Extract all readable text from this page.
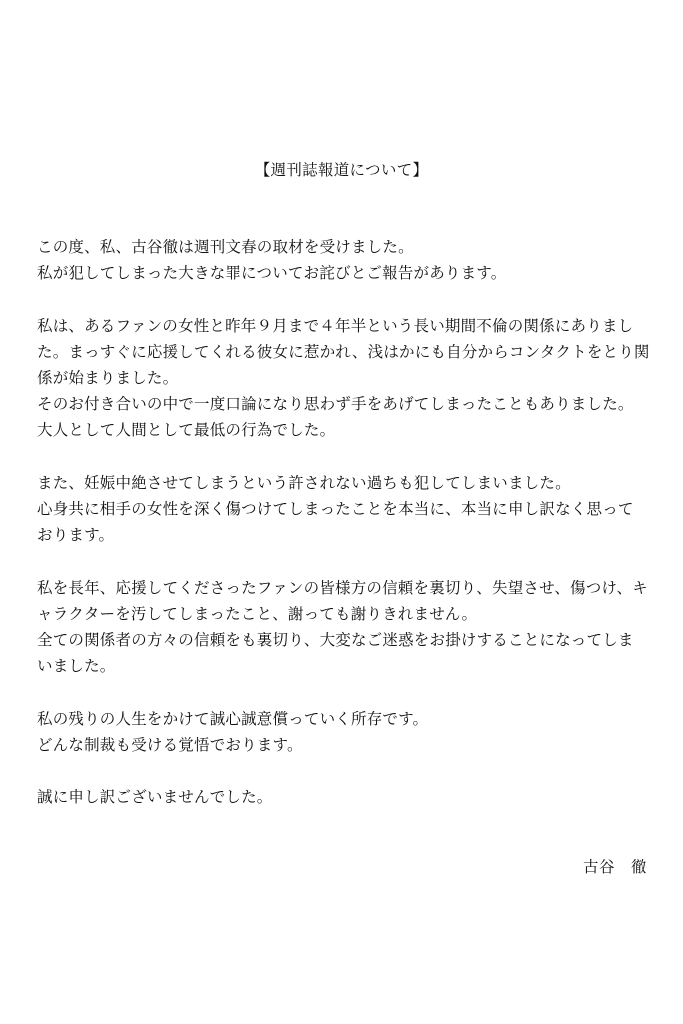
【週刊誌報道について】

この度、私、古谷徹は週刊文春の取材を受けました。
私が犯してしまった大きな罪についてお詫びとご報告があります。

私は、あるファンの女性と昨年９月まで４年半という長い期間不倫の関係にありまし
た。まっすぐに応援してくれる彼女に惹かれ、浅はかにも自分からコンタクトをとり関
係が始まりました。
そのお付き合いの中で一度口論になり思わず手をあげてしまったこともありました。
大人として人間として最低の行為でした。

また、妊娠中絶させてしまうという許されない過ちも犯してしまいました。
心身共に相手の女性を深く傷つけてしまったことを本当に、本当に申し訳なく思って
おります。

私を長年、応援してくださったファンの皆様方の信頼を裏切り、失望させ、傷つけ、キ
ャラクターを汚してしまったこと、謝っても謝りきれません。
全ての関係者の方々の信頼をも裏切り、大変なご迷惑をお掛けすることになってしま
いました。

私の残りの人生をかけて誠心誠意償っていく所存です。
どんな制裁も受ける覚悟でおります。

誠に申し訳ございませんでした。

古谷　徹
